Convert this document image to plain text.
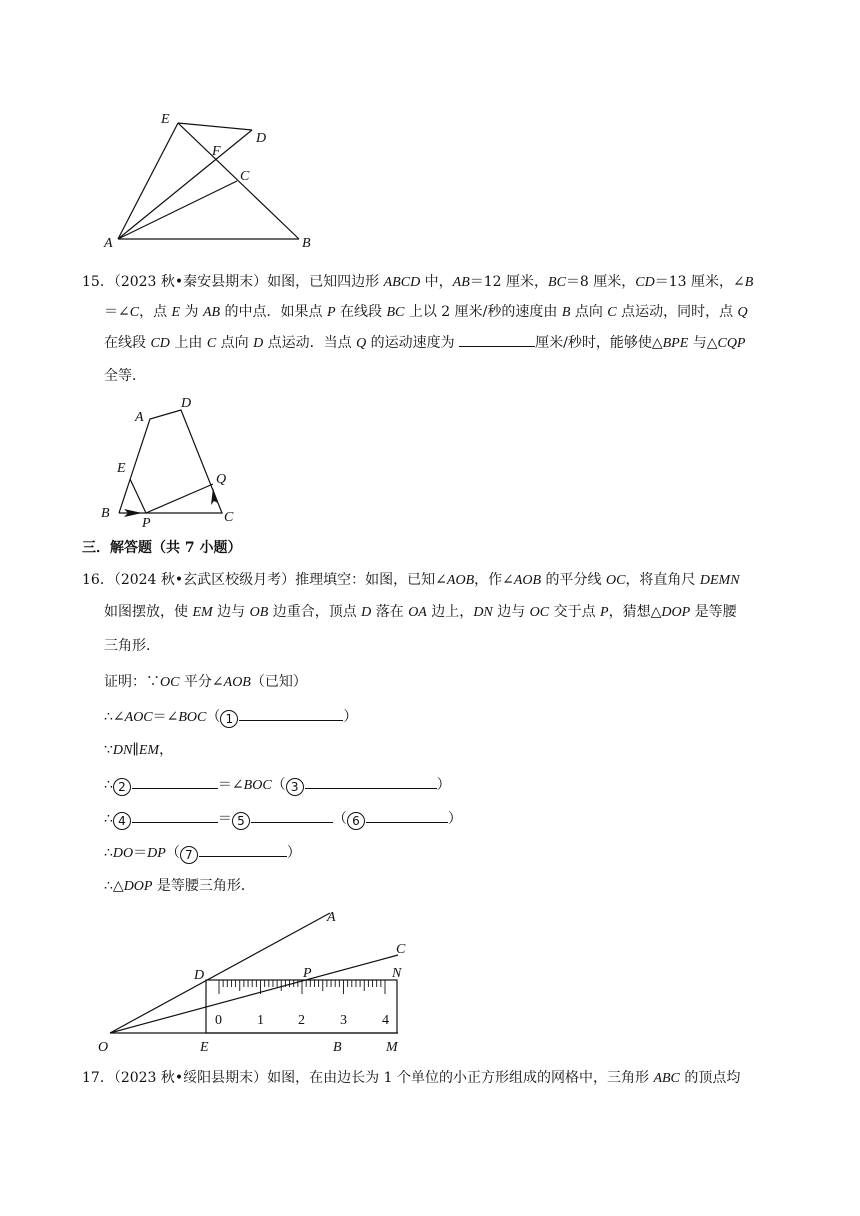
E
D
F
C
A	B
15．（2023 秋•秦安县期末）如图，已知四边形 ABCD 中，AB＝12 厘米，BC＝8 厘米，CD＝13 厘米，∠B
＝∠C，点 E 为 AB 的中点．如果点 P 在线段 BC 上以 2 厘米/秒的速度由 B 点向 C 点运动，同时，点 Q
在线段 CD 上由 C 点向 D 点运动．当点 Q 的运动速度为	厘米/秒时，能够使△BPE 与△CQP
全等．
A
D
E
Q
B
P	C
三．解答题（共 7 小题）
16．（2024 秋•玄武区校级月考）推理填空：如图，已知∠AOB，作∠AOB 的平分线 OC，将直角尺 DEMN
如图摆放，使 EM 边与 OB 边重合，顶点 D 落在 OA 边上，DN 边与 OC 交于点 P，猜想△DOP 是等腰
三角形．
证明：∵OC 平分∠AOB（已知）
∴∠AOC＝∠BOC（ 1	）
∵DN∥EM，
∴ 2	＝∠BOC（ 3	）
∴ 4	＝ 5	（ 6	）
∴DO＝DP（ 7	）
∴△DOP 是等腰三角形．
A
C
D	P	N
O	E	B	M
0	1 2	3	4
17．（2023 秋•绥阳县期末）如图，在由边长为 1 个单位的小正方形组成的网格中，三角形 ABC 的顶点均
